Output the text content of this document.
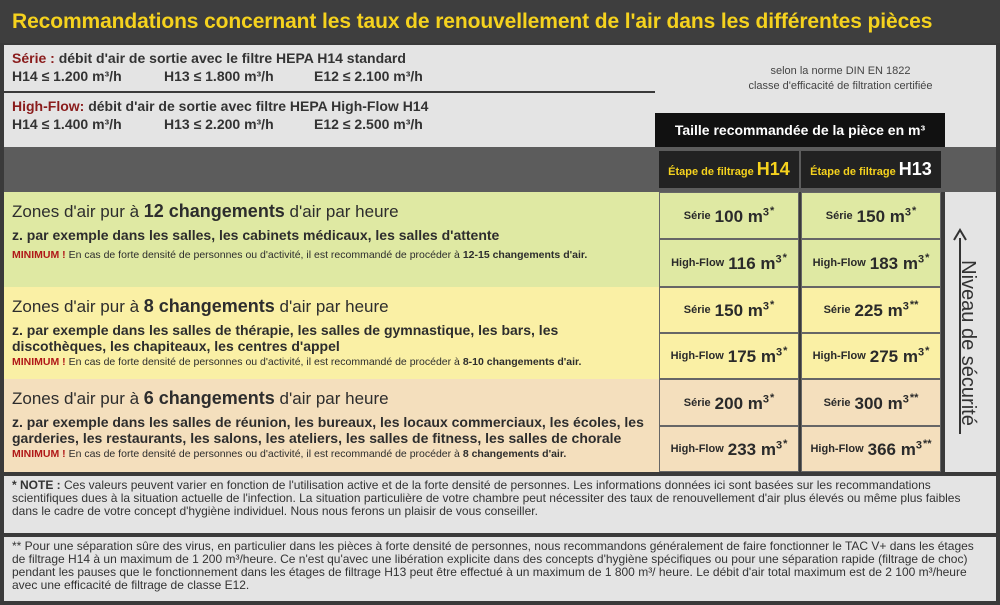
Recommandations concernant les taux de renouvellement de l'air dans les différentes pièces
Série : débit d'air de sortie avec le filtre HEPA H14 standard
H14 ≤ 1.200 m³/h	H13 ≤ 1.800 m³/h	E12 ≤ 2.100 m³/h
High-Flow: débit d'air de sortie avec filtre HEPA High-Flow H14
H14 ≤ 1.400 m³/h	H13 ≤ 2.200 m³/h	E12 ≤ 2.500 m³/h
selon la norme DIN EN 1822
classe d'efficacité de filtration certifiée
Taille recommandée de la pièce en m³
Étape de filtrage H14	Étape de filtrage H13
Zones d'air pur à 12 changements d'air par heure
z. par exemple dans les salles, les cabinets médicaux, les salles d'attente
MINIMUM ! En cas de forte densité de personnes ou d'activité, il est recommandé de procéder à 12-15 changements d'air.
Série 100 $m^{3*}$	Série 150 $m^{3*}$
High-Flow 116 $m^{3*}$ High-Flow 183 $m^{3*}$
Zones d'air pur à 8 changements d'air par heure
z. par exemple dans les salles de thérapie, les salles de gymnastique, les bars, les discothèques, les chapiteaux, les centres d'appel
MINIMUM ! En cas de forte densité de personnes ou d'activité, il est recommandé de procéder à 8-10 changements d'air.
Série 150 $m^{3*}$	Série 225 $m^{3**}$
High-Flow 175 $m^{3*}$ High-Flow 275 $m^{3*}$
Zones d'air pur à 6 changements d'air par heure
z. par exemple dans les salles de réunion, les bureaux, les locaux commerciaux, les écoles, les garderies, les restaurants, les salons, les ateliers, les salles de fitness, les salles de chorale
MINIMUM ! En cas de forte densité de personnes ou d'activité, il est recommandé de procéder à 8 changements d'air.
Série 200 $m^{3*}$	Série 300 $m^{3**}$
High-Flow 233 $m^{3*}$ High-Flow 366 $m^{3**}$
Niveau de sécurité
* NOTE : Ces valeurs peuvent varier en fonction de l'utilisation active et de la forte densité de personnes. Les informations données ici sont basées sur les recommandations scientifiques dues à la situation actuelle de l'infection. La situation particulière de votre chambre peut nécessiter des taux de renouvellement d'air plus élevés ou même plus faibles dans le cadre de votre concept d'hygiène individuel. Nous nous ferons un plaisir de vous conseiller.
** Pour une séparation sûre des virus, en particulier dans les pièces à forte densité de personnes, nous recommandons généralement de faire fonctionner le TAC V+ dans les étages de filtrage H14 à un maximum de 1 200 m³/heure. Ce n'est qu'avec une libération explicite dans des concepts d'hygiène spécifiques ou pour une séparation rapide (filtrage de choc) pendant les pauses que le fonctionnement dans les étages de filtrage H13 peut être effectué à un maximum de 1 800 m³/ heure. Le débit d'air total maximum est de 2 100 m³/heure avec une efficacité de filtrage de classe E12.
